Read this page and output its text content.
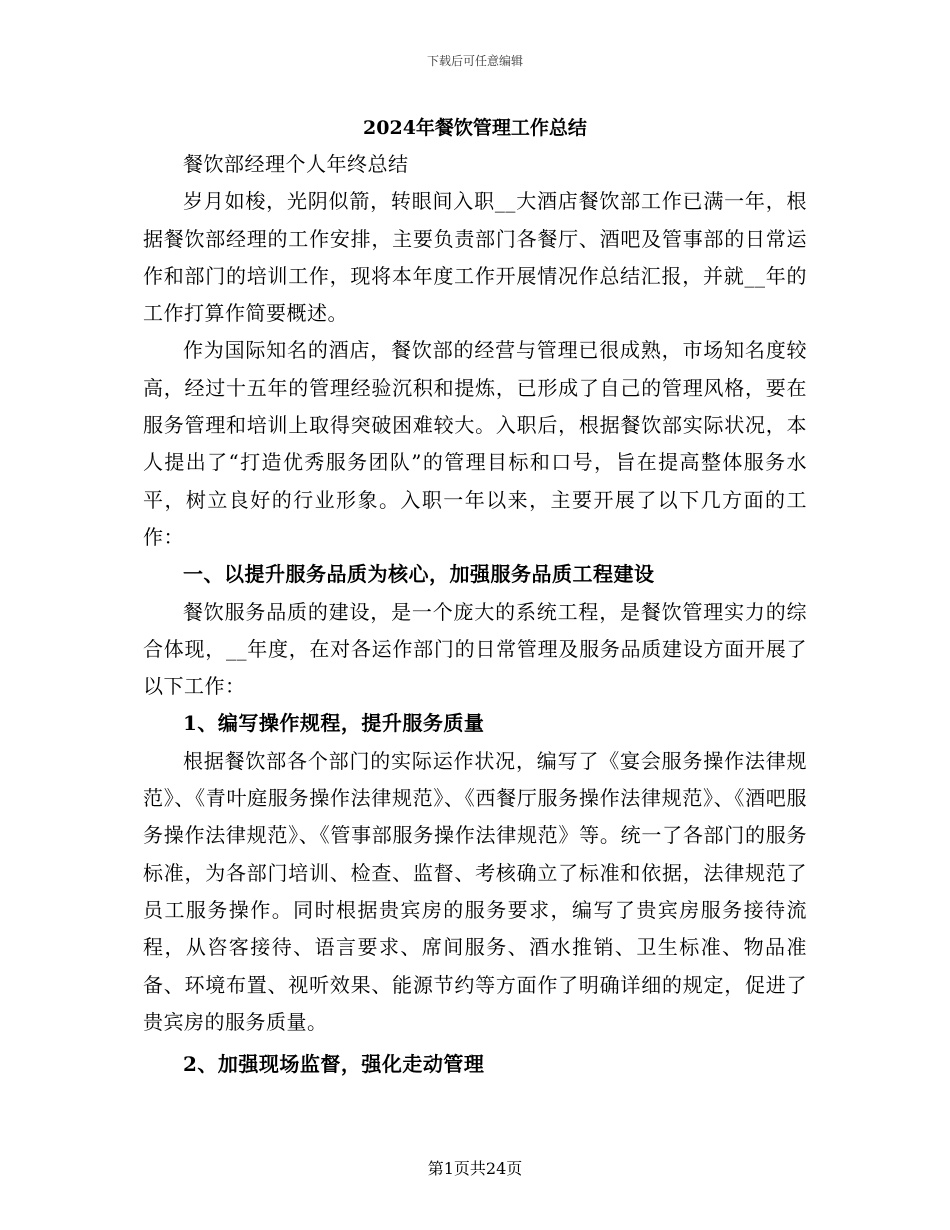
下载后可任意编辑
2024年餐饮管理工作总结

餐饮部经理个人年终总结

岁月如梭，光阴似箭，转眼间入职__大酒店餐饮部工作已满一年，根据餐饮部经理的工作安排，主要负责部门各餐厅、酒吧及管事部的日常运作和部门的培训工作，现将本年度工作开展情况作总结汇报，并就__年的工作打算作简要概述。

作为国际知名的酒店，餐饮部的经营与管理已很成熟，市场知名度较高，经过十五年的管理经验沉积和提炼，已形成了自己的管理风格，要在服务管理和培训上取得突破困难较大。入职后，根据餐饮部实际状况，本人提出了“打造优秀服务团队”的管理目标和口号，旨在提高整体服务水平，树立良好的行业形象。入职一年以来，主要开展了以下几方面的工作：

一、以提升服务品质为核心，加强服务品质工程建设

餐饮服务品质的建设，是一个庞大的系统工程，是餐饮管理实力的综合体现，__年度，在对各运作部门的日常管理及服务品质建设方面开展了以下工作：

1、编写操作规程，提升服务质量

根据餐饮部各个部门的实际运作状况，编写了《宴会服务操作法律规范》、《青叶庭服务操作法律规范》、《西餐厅服务操作法律规范》、《酒吧服务操作法律规范》、《管事部服务操作法律规范》等。统一了各部门的服务标准，为各部门培训、检查、监督、考核确立了标准和依据，法律规范了员工服务操作。同时根据贵宾房的服务要求，编写了贵宾房服务接待流程，从咨客接待、语言要求、席间服务、酒水推销、卫生标准、物品准备、环境布置、视听效果、能源节约等方面作了明确详细的规定，促进了贵宾房的服务质量。

2、加强现场监督，强化走动管理
第1页共24页
